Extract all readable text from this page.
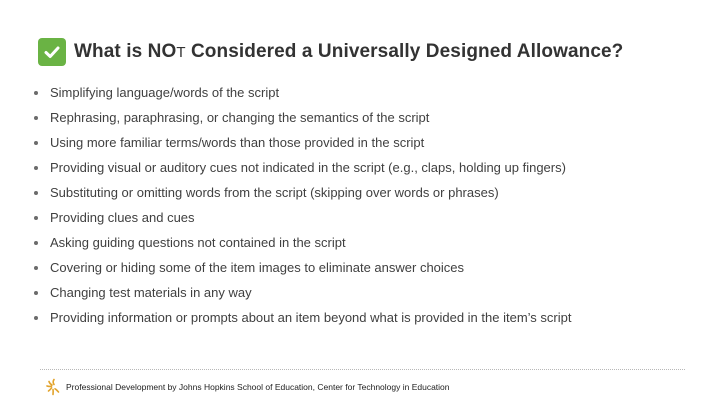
What is NOT Considered a Universally Designed Allowance?
Simplifying language/words of the script
Rephrasing, paraphrasing, or changing the semantics of the script
Using more familiar terms/words than those provided in the script
Providing visual or auditory cues not indicated in the script (e.g., claps, holding up fingers)
Substituting or omitting words from the script (skipping over words or phrases)
Providing clues and cues
Asking guiding questions not contained in the script
Covering or hiding some of the item images to eliminate answer choices
Changing test materials in any way
Providing information or prompts about an item beyond what is provided in the item’s script
Professional Development by Johns Hopkins School of Education, Center for Technology in Education
